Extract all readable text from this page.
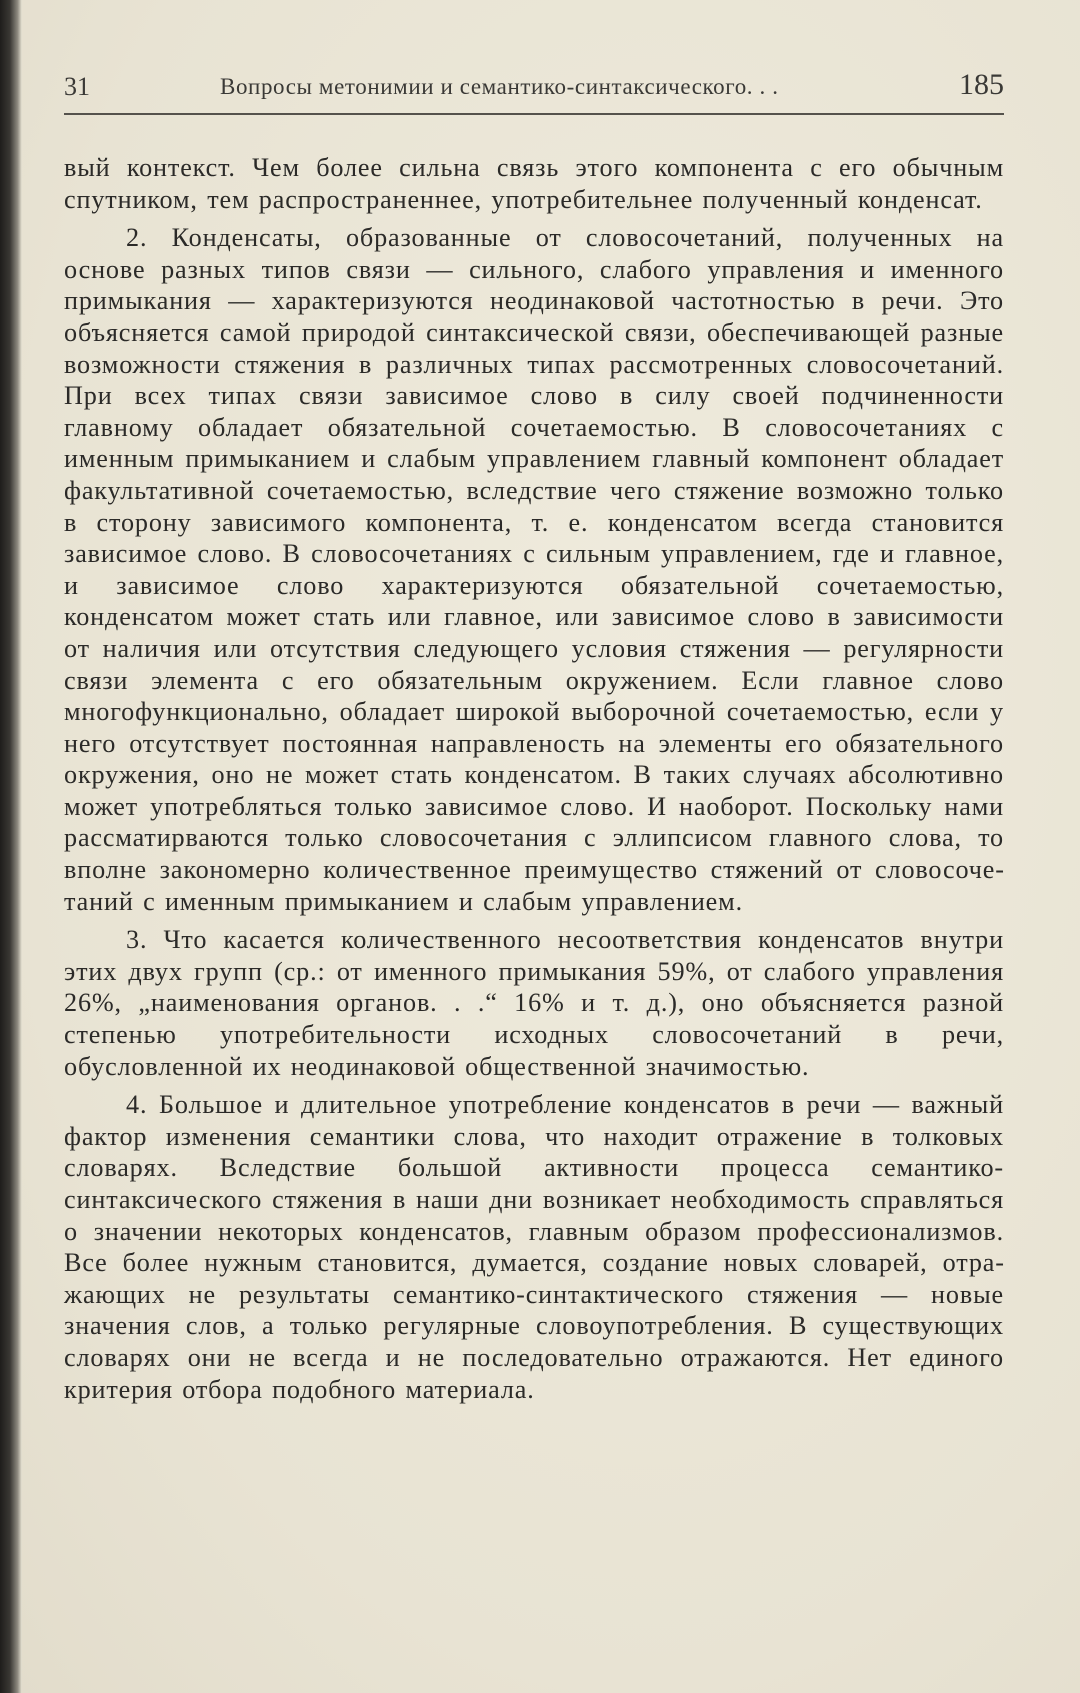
31	Вопросы метонимии и семантико-синтаксического. . .	185

вый контекст. Чем более сильна связь этого компонента с его обычным спутником, тем распространеннее, употребительнее полученный конденсат.

2. Конденсаты, образованные от словосочетаний, полученных на основе разных типов связи — сильного, слабого управления и именного примыкания — характеризуются неодинаковой частотностью в речи. Это объясняется самой природой синтаксической связи, обеспечивающей разные возможности стяжения в различных типах рассмотренных словосочетаний. При всех типах связи зависимое слово в силу своей подчиненности главному обладает обязательной сочетаемостью. В словосочетаниях с именным примыканием и слабым управлением главный компонент обладает факультативной сочетаемостью, вследствие чего стяжение возможно только в сторону зависимого компонента, т. е. конденсатом всегда становится зависимое слово. В словосочетаниях с сильным управлением, где и главное, и зависимое слово характеризуются обязательной сочетаемостью, конденсатом может стать или главное, или зависимое слово в зависимости от наличия или отсутствия следующего условия стяжения — регулярности связи элемента с его обязательным окружением. Если главное слово многофункционально, обладает широкой выборочной сочетаемостью, если у него отсутствует постоянная направленость на элементы его обязательного окружения, оно не может стать конденсатом. В таких случаях абсолютивно может употребляться только зависимое слово. И наоборот. Поскольку нами рассматирваются только словосочетания с эллипсисом главного слова, то вполне закономерно количественное преимущество стяжений от словосочетаний с именным примыканием и слабым управлением.

3. Что касается количественного несоответствия конденсатов внутри этих двух групп (ср.: от именного примыкания 59%, от слабого управления 26%, „наименования органов. . .“ 16% и т. д.), оно объясняется разной степенью употребительности исходных словосочетаний в речи, обусловленной их неодинаковой общественной значимостью.

4. Большое и длительное употребление конденсатов в речи — важный фактор изменения семантики слова, что находит отражение в толковых словарях. Вследствие большой активности процесса семантико-синтаксического стяжения в наши дни возникает необходимость справляться о значении некоторых конденсатов, главным образом профессионализмов. Все более нужным становится, думается, создание новых словарей, отражающих не результаты семантико-синтактического стяжения — новые значения слов, а только регулярные словоупотребления. В существующих словарях они не всегда и не последовательно отражаются. Нет единого критерия отбора подобного материала.
